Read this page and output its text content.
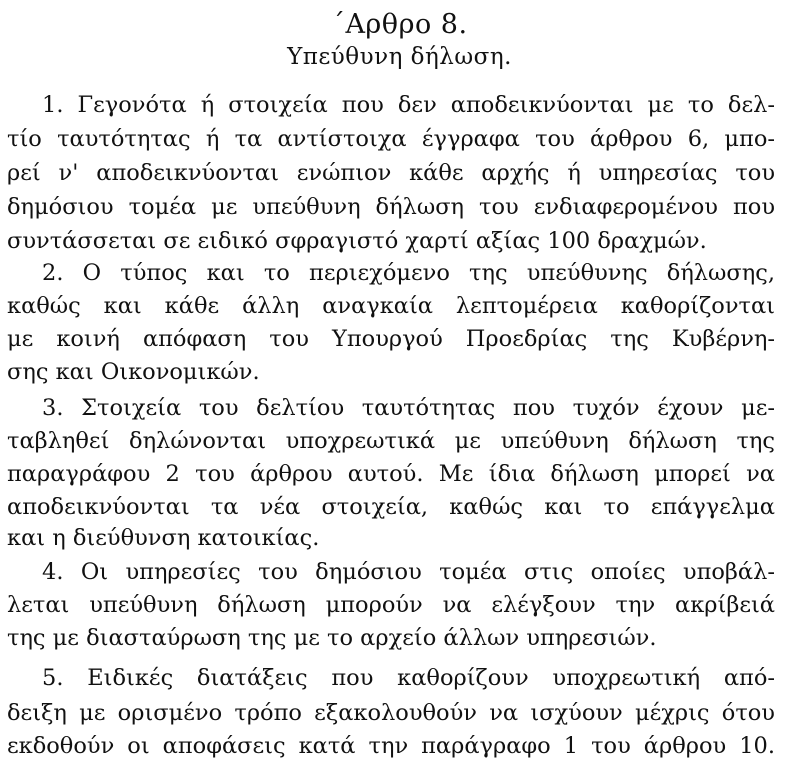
΄Αρθρο 8.
Υπεύθυνη δήλωση.
1. Γεγονότα ή στοιχεία που δεν αποδεικνύονται με το δελ-
τίο ταυτότητας ή τα αντίστοιχα έγγραφα του άρθρου 6, μπο-
ρεί ν' αποδεικνύονται ενώπιον κάθε αρχής ή υπηρεσίας του
δημόσιου τομέα με υπεύθυνη δήλωση του ενδιαφερομένου που
συντάσσεται σε ειδικό σφραγιστό χαρτί αξίας 100 δραχμών.
2. Ο τύπος και το περιεχόμενο της υπεύθυνης δήλωσης,
καθώς και κάθε άλλη αναγκαία λεπτομέρεια καθορίζονται
με κοινή απόφαση του Υπουργού Προεδρίας της Κυβέρνη-
σης και Οικονομικών.
3. Στοιχεία του δελτίου ταυτότητας που τυχόν έχουν με-
ταβληθεί δηλώνονται υποχρεωτικά με υπεύθυνη δήλωση της
παραγράφου 2 του άρθρου αυτού. Με ίδια δήλωση μπορεί να
αποδεικνύονται τα νέα στοιχεία, καθώς και το επάγγελμα
και η διεύθυνση κατοικίας.
4. Οι υπηρεσίες του δημόσιου τομέα στις οποίες υποβάλ-
λεται υπεύθυνη δήλωση μπορούν να ελέγξουν την ακρίβειά
της με διασταύρωση της με το αρχείο άλλων υπηρεσιών.
5. Ειδικές διατάξεις που καθορίζουν υποχρεωτική από-
δειξη με ορισμένο τρόπο εξακολουθούν να ισχύουν μέχρις ότου
εκδοθούν οι αποφάσεις κατά την παράγραφο 1 του άρθρου 10.
